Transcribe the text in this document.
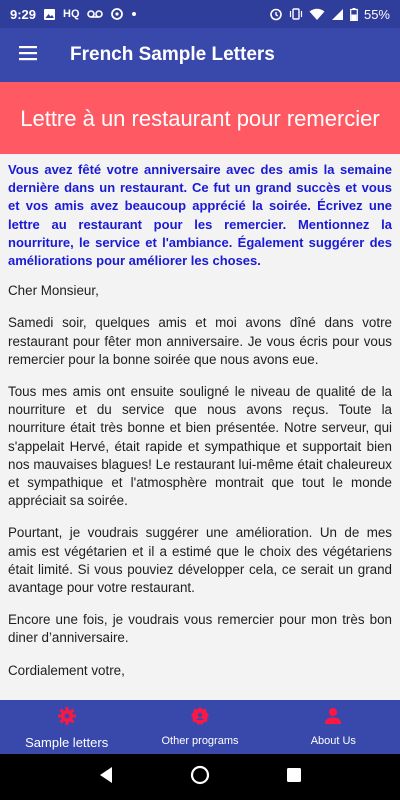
9:29 HQ	55%
French Sample Letters
Lettre à un restaurant pour remercier

Vous avez fêté votre anniversaire avec des amis la semaine dernière dans un restaurant. Ce fut un grand succès et vous et vos amis avez beaucoup apprécié la soirée. Écrivez une lettre au restaurant pour les remercier. Mentionnez la nourriture, le service et l'ambiance. Également suggérer des améliorations pour améliorer les choses.

Cher Monsieur,

Samedi soir, quelques amis et moi avons dîné dans votre restaurant pour fêter mon anniversaire. Je vous écris pour vous remercier pour la bonne soirée que nous avons eue.

Tous mes amis ont ensuite souligné le niveau de qualité de la nourriture et du service que nous avons reçus. Toute la nourriture était très bonne et bien présentée. Notre serveur, qui s'appelait Hervé, était rapide et sympathique et supportait bien nos mauvaises blagues! Le restaurant lui-même était chaleureux et sympathique et l'atmosphère montrait que tout le monde appréciait sa soirée.

Pourtant, je voudrais suggérer une amélioration. Un de mes amis est végétarien et il a estimé que le choix des végétariens était limité. Si vous pouviez développer cela, ce serait un grand avantage pour votre restaurant.

Encore une fois, je voudrais vous remercier pour mon très bon diner d’anniversaire.

Cordialement votre,

Sample letters	Other programs	About Us
